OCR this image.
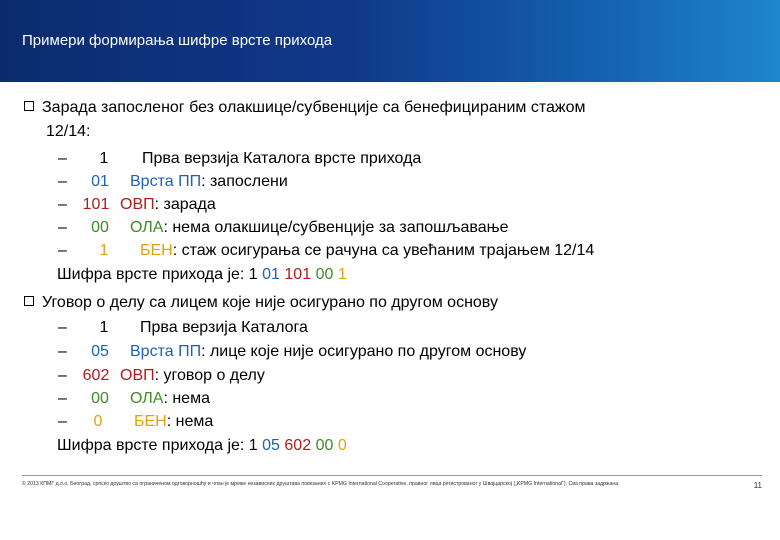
Примери формирања шифре врсте прихода
Зарада запосленог без олакшице/субвенције са бенефицираним стажом
12/14:
–	1	Прва верзија Каталога врсте прихода
–	01	Врста ПП: запослени
– 101 ОВП: зарада
–	00	ОЛА: нема олакшице/субвенције за запошљавање
–	1	БЕН: стаж осигурања се рачуна са увећаним трајањем 12/14
Шифра врсте прихода је: 1 01 101 00 1
Уговор о делу са лицем које није осигурано по другом основу
–	1	Прва верзија Каталога
–	05	Врста ПП: лице које није осигурано по другом основу
– 602 ОВП: уговор о делу
–	00	ОЛА: нема
–	0	БЕН: нема
Шифра врсте прихода је: 1 05 602 00 0
© 2013 КПМГ д.о.о. Београд, српско друштво са ограниченом одговорношћу и члан је мреже независних друштава повезаних с KPMG International Cooperative, правног лица регистрованог у Швајцарској („KPMG International“). Сва права задржана.	11
